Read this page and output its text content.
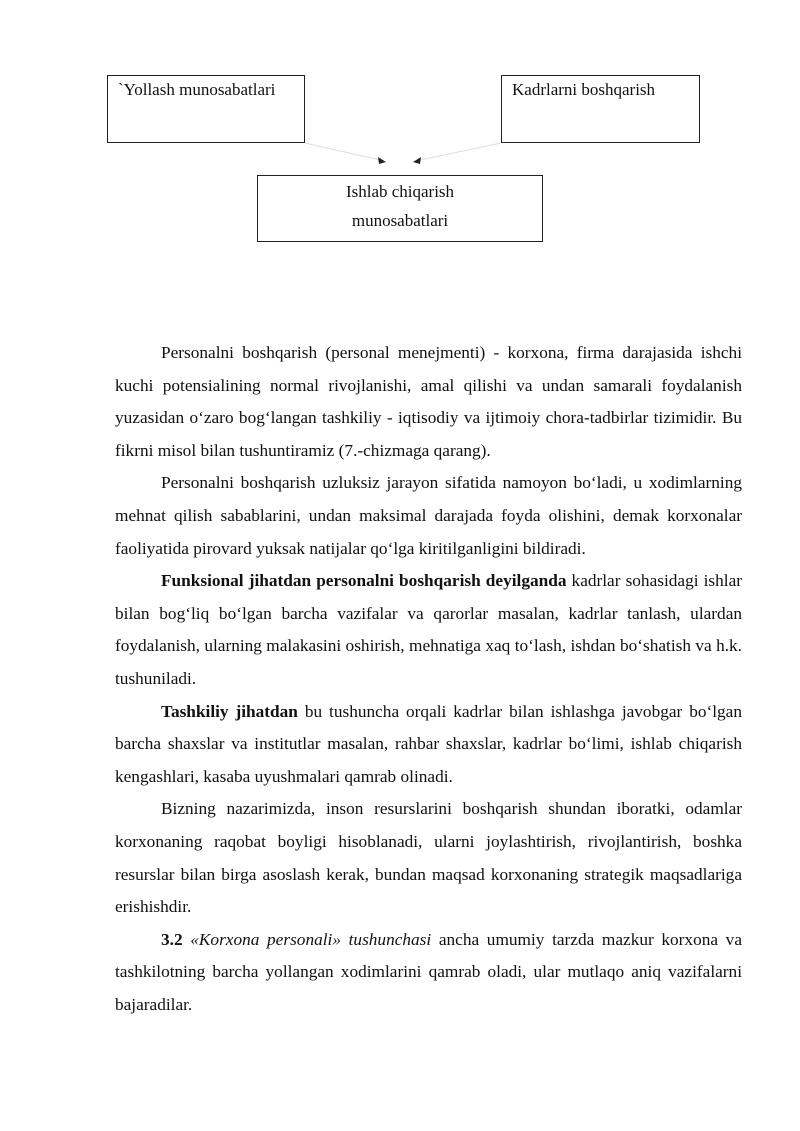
`Yollash munosabatlari	Kadrlarni boshqarish
Ishlab chiqarish
munosabatlari

Personalni boshqarish (personal menejmenti) - korxona, firma darajasida ishchi kuchi potensialining normal rivojlanishi, amal qilishi va undan samarali foydalanish yuzasidan o‘zaro bog‘langan tashkiliy - iqtisodiy va ijtimoiy chora-tadbirlar tizimidir. Bu fikrni misol bilan tushuntiramiz (7.-chizmaga qarang).

Personalni boshqarish uzluksiz jarayon sifatida namoyon bo‘ladi, u xodimlarning mehnat qilish sabablarini, undan maksimal darajada foyda olishini, demak korxonalar faoliyatida pirovard yuksak natijalar qo‘lga kiritilganligini bildiradi.

Funksional jihatdan personalni boshqarish deyilganda kadrlar sohasidagi ishlar bilan bog‘liq bo‘lgan barcha vazifalar va qarorlar masalan, kadrlar tanlash, ulardan foydalanish, ularning malakasini oshirish, mehnatiga xaq to‘lash, ishdan bo‘shatish va h.k. tushuniladi.

Tashkiliy jihatdan bu tushuncha orqali kadrlar bilan ishlashga javobgar bo‘lgan barcha shaxslar va institutlar masalan, rahbar shaxslar, kadrlar bo‘limi, ishlab chiqarish kengashlari, kasaba uyushmalari qamrab olinadi.

Bizning nazarimizda, inson resurslarini boshqarish shundan iboratki, odamlar korxonaning raqobat boyligi hisoblanadi, ularni joylashtirish, rivojlantirish, boshka resurslar bilan birga asoslash kerak, bundan maqsad korxonaning strategik maqsadlariga erishishdir.

3.2 «Korxona personali» tushunchasi ancha umumiy tarzda mazkur korxona va tashkilotning barcha yollangan xodimlarini qamrab oladi, ular mutlaqo aniq vazifalarni bajaradilar.
